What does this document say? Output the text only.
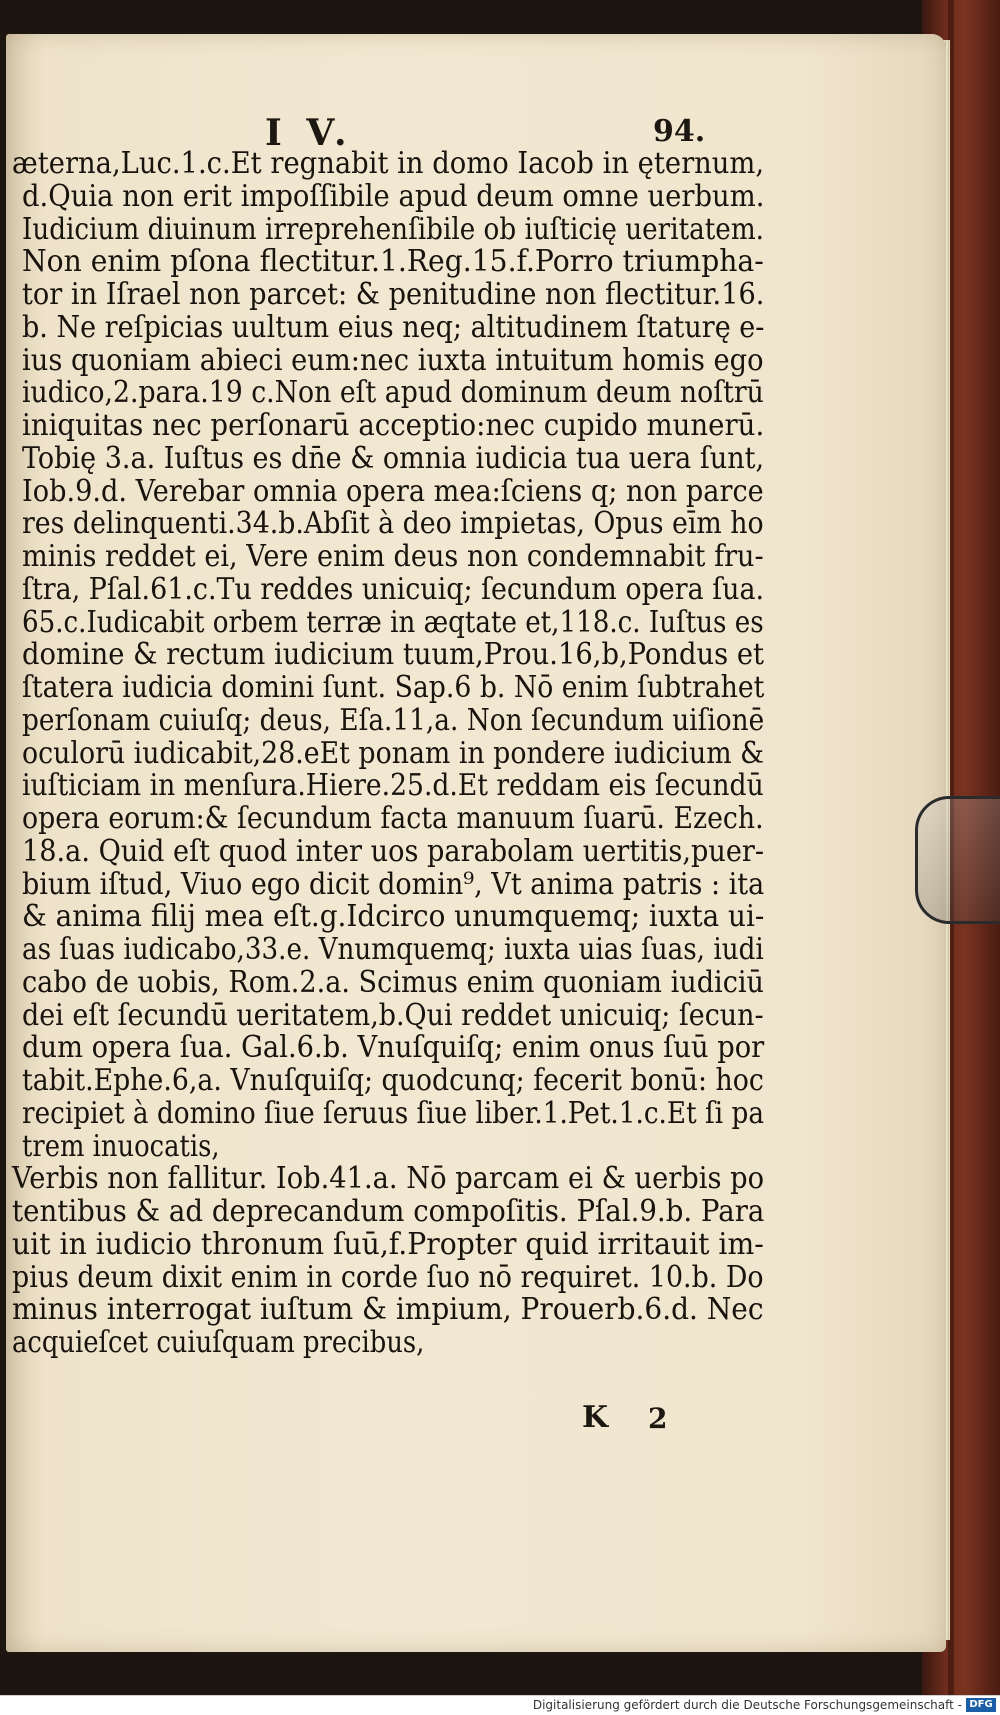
I V.	94.
æterna,Luc.1.c.Et regnabit in domo Iacob in ęternum,
d.Quia non erit impoſſibile apud deum omne uerbum.
Iudicium diuinum irreprehenſibile ob iuſticię ueritatem.
Non enim pſona flectitur.1.Reg.15.f.Porro triumpha-
tor in Iſrael non parcet: & penitudine non flectitur.16.
b. Ne reſpicias uultum eius neq; altitudinem ſtaturę e-
ius quoniam abieci eum:nec iuxta intuitum homis ego
iudico,2.para.19 c.Non eſt apud dominum deum noſtrū
iniquitas nec perſonarū acceptio:nec cupido munerū.
Tobię 3.a. Iuſtus es dn̄e & omnia iudicia tua uera ſunt,
Iob.9.d. Verebar omnia opera mea:ſciens q; non parce
res delinquenti.34.b.Abſit à deo impietas, Opus eīm ho
minis reddet ei, Vere enim deus non condemnabit fru-
ſtra, Pſal.61.c.Tu reddes unicuiq; ſecundum opera ſua.
65.c.Iudicabit orbem terræ in æqtate et,118.c. Iuſtus es
domine & rectum iudicium tuum,Prou.16,b,Pondus et
ſtatera iudicia domini ſunt. Sap.6 b. Nō enim ſubtrahet
perſonam cuiuſq; deus, Eſa.11,a. Non ſecundum uiſionē
oculorū iudicabit,28.eEt ponam in pondere iudicium &
iuſticiam in menſura.Hiere.25.d.Et reddam eis ſecundū
opera eorum:& ſecundum facta manuum ſuarū. Ezech.
18.a. Quid eſt quod inter uos parabolam uertitis,puer-
bium iſtud, Viuo ego dicit domin⁹, Vt anima patris : ita
& anima filij mea eſt.g.Idcirco unumquemq; iuxta ui-
as ſuas iudicabo,33.e. Vnumquemq; iuxta uias ſuas, iudi
cabo de uobis, Rom.2.a. Scimus enim quoniam iudiciū
dei eſt ſecundū ueritatem,b.Qui reddet unicuiq; ſecun-
dum opera ſua. Gal.6.b. Vnuſquiſq; enim onus ſuū por
tabit.Ephe.6,a. Vnuſquiſq; quodcunq; fecerit bonū: hoc
recipiet à domino ſiue ſeruus ſiue liber.1.Pet.1.c.Et ſi pa
trem inuocatis,
Verbis non fallitur. Iob.41.a. Nō parcam ei & uerbis po
tentibus & ad deprecandum compoſitis. Pſal.9.b. Para
uit in iudicio thronum ſuū,f.Propter quid irritauit im-
pius deum dixit enim in corde ſuo nō requiret. 10.b. Do
minus interrogat iuſtum & impium, Prouerb.6.d. Nec
acquieſcet cuiuſquam precibus,
K 2
Digitalisierung gefördert durch die Deutsche Forschungsgemeinschaft - DFG
